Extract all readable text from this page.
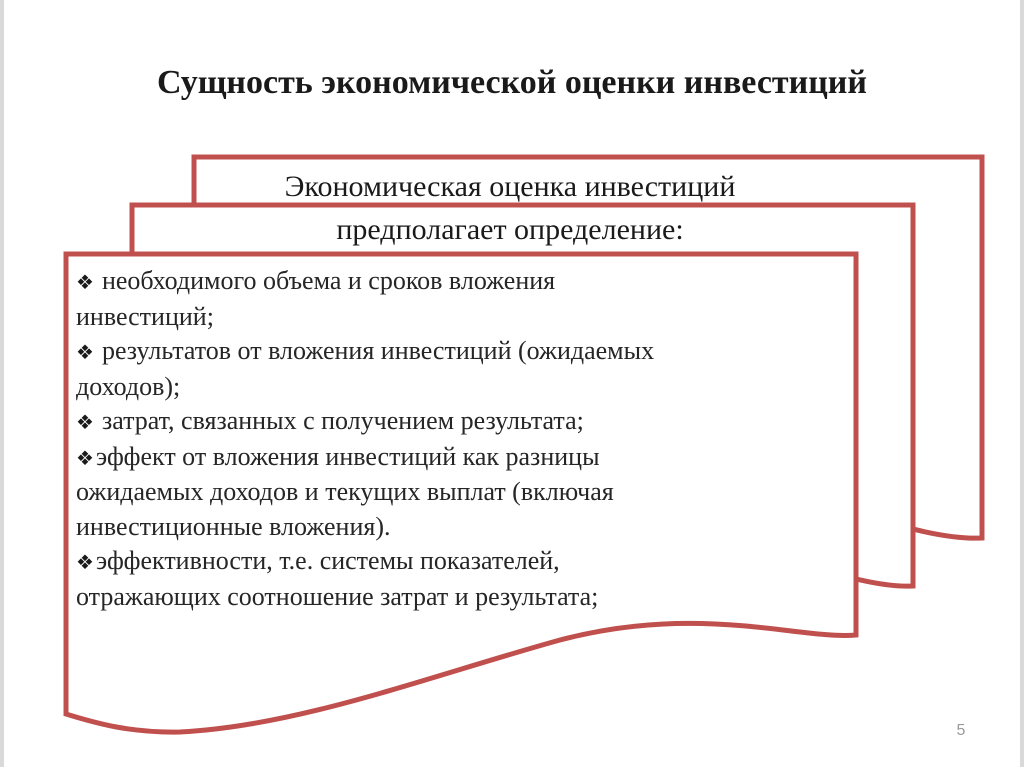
Сущность экономической оценки инвестиций
Экономическая оценка инвестиций
предполагает определение:
❖ необходимого объема и сроков вложения
инвестиций;
❖ результатов от вложения инвестиций (ожидаемых
доходов);
❖ затрат, связанных с получением результата;
❖эффект от вложения инвестиций как разницы
ожидаемых доходов и текущих выплат (включая
инвестиционные вложения).
❖эффективности, т.е. системы показателей,
отражающих соотношение затрат и результата;
5
